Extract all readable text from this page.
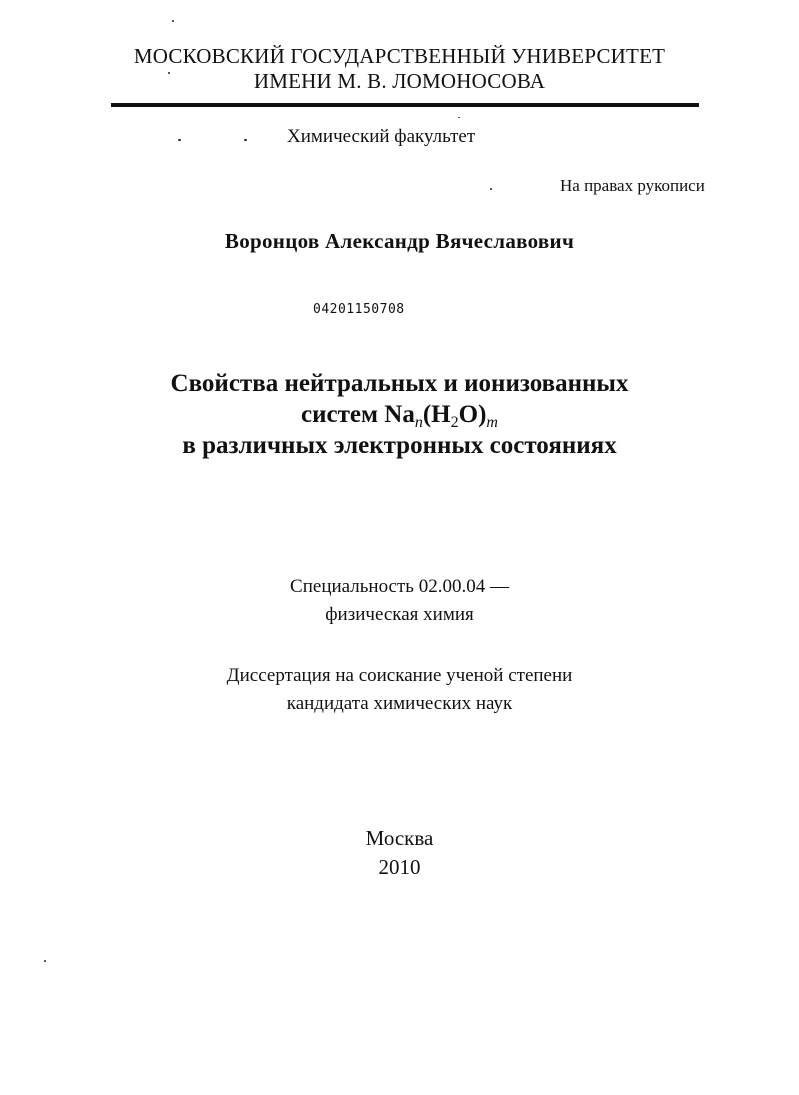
МОСКОВСКИЙ ГОСУДАРСТВЕННЫЙ УНИВЕРСИТЕТ
ИМЕНИ М. В. ЛОМОНОСОВА
Химический факультет
На правах рукописи
Воронцов Александр Вячеславович
04201150708
Свойства нейтральных и ионизованных
систем $Na_n(H_2O)_m$
в различных электронных состояниях
Специальность 02.00.04 —
физическая химия
Диссертация на соискание ученой степени
кандидата химических наук
Москва
2010
